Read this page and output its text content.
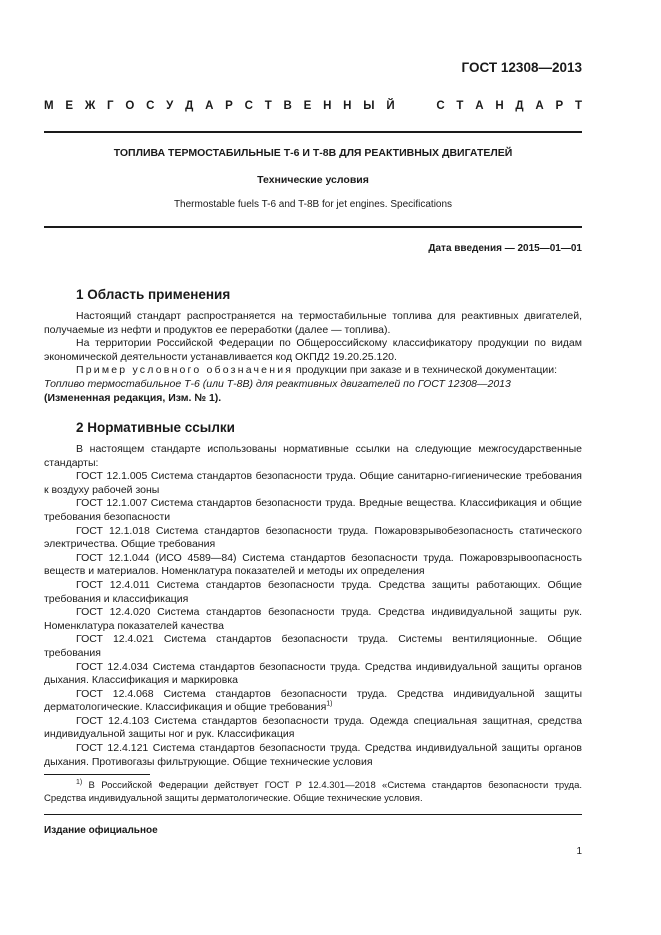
ГОСТ 12308—2013
М Е Ж Г О С У Д А Р С Т В Е Н Н Ы Й

	С Т А Н Д А Р Т
ТОПЛИВА ТЕРМОСТАБИЛЬНЫЕ Т-6 И Т-8В ДЛЯ РЕАКТИВНЫХ ДВИГАТЕЛЕЙ
Технические условия
Thermostable fuels T-6 and T-8B for jet engines. Specifications
Дата введения — 2015—01—01
1 Область применения

Настоящий стандарт распространяется на термостабильные топлива для реактивных двигателей, получаемые из нефти и продуктов ее переработки (далее — топлива).

На территории Российской Федерации по Общероссийскому классификатору продукции по видам экономической деятельности устанавливается код ОКПД2 19.20.25.120.

Пример условного обозначения продукции при заказе и в технической документации:

Топливо термостабильное Т-6 (или Т-8В) для реактивных двигателей по ГОСТ 12308—2013

(Измененная редакция, Изм. № 1).

2 Нормативные ссылки

В настоящем стандарте использованы нормативные ссылки на следующие межгосударственные стандарты:

ГОСТ 12.1.005 Система стандартов безопасности труда. Общие санитарно-гигиенические требования к воздуху рабочей зоны

ГОСТ 12.1.007 Система стандартов безопасности труда. Вредные вещества. Классификация и общие требования безопасности

ГОСТ 12.1.018 Система стандартов безопасности труда. Пожаровзрывобезопасность статического электричества. Общие требования

ГОСТ 12.1.044 (ИСО 4589—84) Система стандартов безопасности труда. Пожаровзрывоопасность веществ и материалов. Номенклатура показателей и методы их определения

ГОСТ 12.4.011 Система стандартов безопасности труда. Средства защиты работающих. Общие требования и классификация

ГОСТ 12.4.020 Система стандартов безопасности труда. Средства индивидуальной защиты рук. Номенклатура показателей качества

ГОСТ 12.4.021 Система стандартов безопасности труда. Системы вентиляционные. Общие требования

ГОСТ 12.4.034 Система стандартов безопасности труда. Средства индивидуальной защиты органов дыхания. Классификация и маркировка

ГОСТ 12.4.068 Система стандартов безопасности труда. Средства индивидуальной защиты дерматологические. Классификация и общие требования$^{1)}$

ГОСТ 12.4.103 Система стандартов безопасности труда. Одежда специальная защитная, средства индивидуальной защиты ног и рук. Классификация

ГОСТ 12.4.121 Система стандартов безопасности труда. Средства индивидуальной защиты органов дыхания. Противогазы фильтрующие. Общие технические условия

$^{1)}$ В Российской Федерации действует ГОСТ Р 12.4.301—2018 «Система стандартов безопасности труда. Средства индивидуальной защиты дерматологические. Общие технические условия.

Издание официальное
1
